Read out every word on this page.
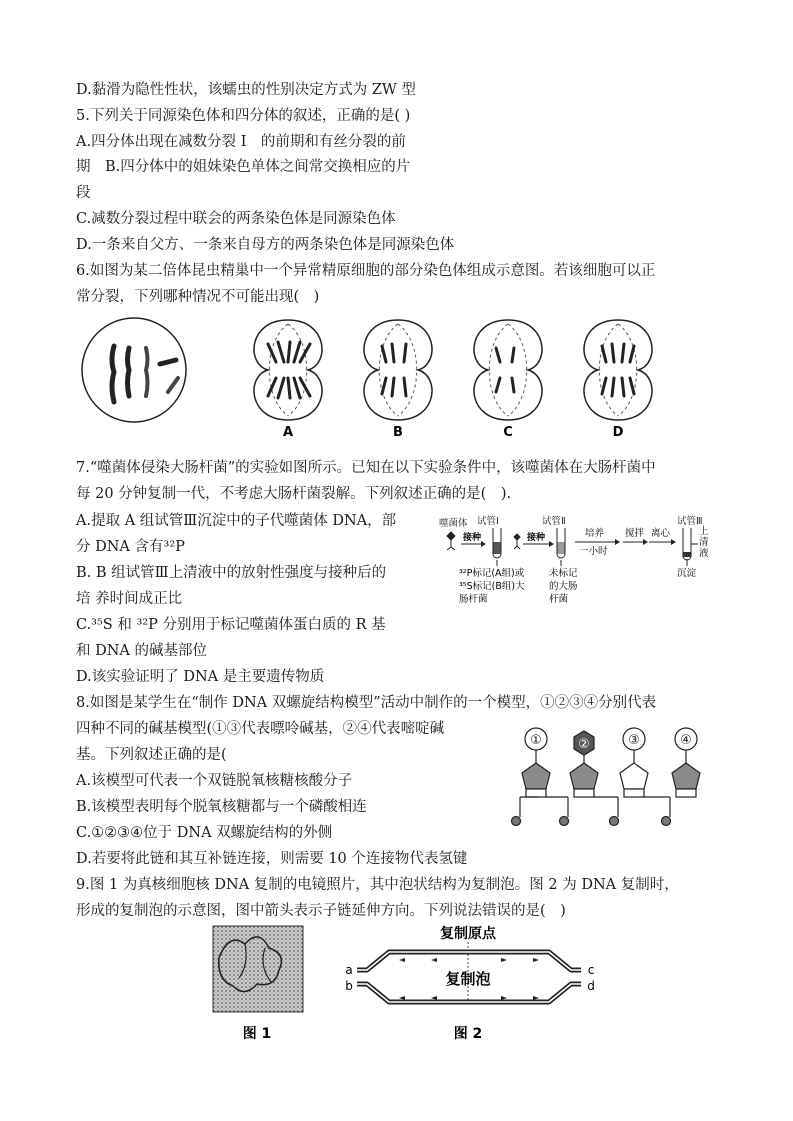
D.黏滑为隐性性状，该蠕虫的性别决定方式为 ZW 型
5.下列关于同源染色体和四分体的叙述，正确的是( )
A.四分体出现在减数分裂 I　的前期和有丝分裂的前
期　B.四分体中的姐妹染色单体之间常交换相应的片
段
C.减数分裂过程中联会的两条染色体是同源染色体
D.一条来自父方、一条来自母方的两条染色体是同源染色体
6.如图为某二倍体昆虫精巢中一个异常精原细胞的部分染色体组成示意图。若该细胞可以正
常分裂，下列哪种情况不可能出现(　)
A	B	C	D
7.“噬菌体侵染大肠杆菌”的实验如图所示。已知在以下实验条件中，该噬菌体在大肠杆菌中
每 20 分钟复制一代，不考虑大肠杆菌裂解。下列叙述正确的是(　).
A.提取 A 组试管Ⅲ沉淀中的子代噬菌体 DNA，部
分 DNA 含有³²P
B. B 组试管Ⅲ上清液中的放射性强度与接种后的
培 养时间成正比
C.³⁵S 和 ³²P 分别用于标记噬菌体蛋白质的 R 基
和 DNA 的碱基部位
D.该实验证明了 DNA 是主要遗传物质
噬菌体 试管Ⅰ	试管Ⅱ	试管Ⅲ
接种	接种	培养
一小时
搅拌 离心	上
清
液
沉淀
³²P标记(A组)或
³⁵S标记(B组)大
肠杆菌
未标记
的大肠
杆菌
8.如图是某学生在“制作 DNA 双螺旋结构模型”活动中制作的一个模型，①②③④分别代表
四种不同的碱基模型(①③代表嘌呤碱基，②④代表嘧啶碱
基。下列叙述正确的是(
A.该模型可代表一个双链脱氧核糖核酸分子
B.该模型表明每个脱氧核糖都与一个磷酸相连
C.①②③④位于 DNA 双螺旋结构的外侧
D.若要将此链和其互补链连接，则需要 10 个连接物代表氢键
①	②	③	④
9.图 1 为真核细胞核 DNA 复制的电镜照片，其中泡状结构为复制泡。图 2 为 DNA 复制时，
形成的复制泡的示意图，图中箭头表示子链延伸方向。下列说法错误的是(　)
图 1
复制原点
a
b
c
d
复制泡
图 2
